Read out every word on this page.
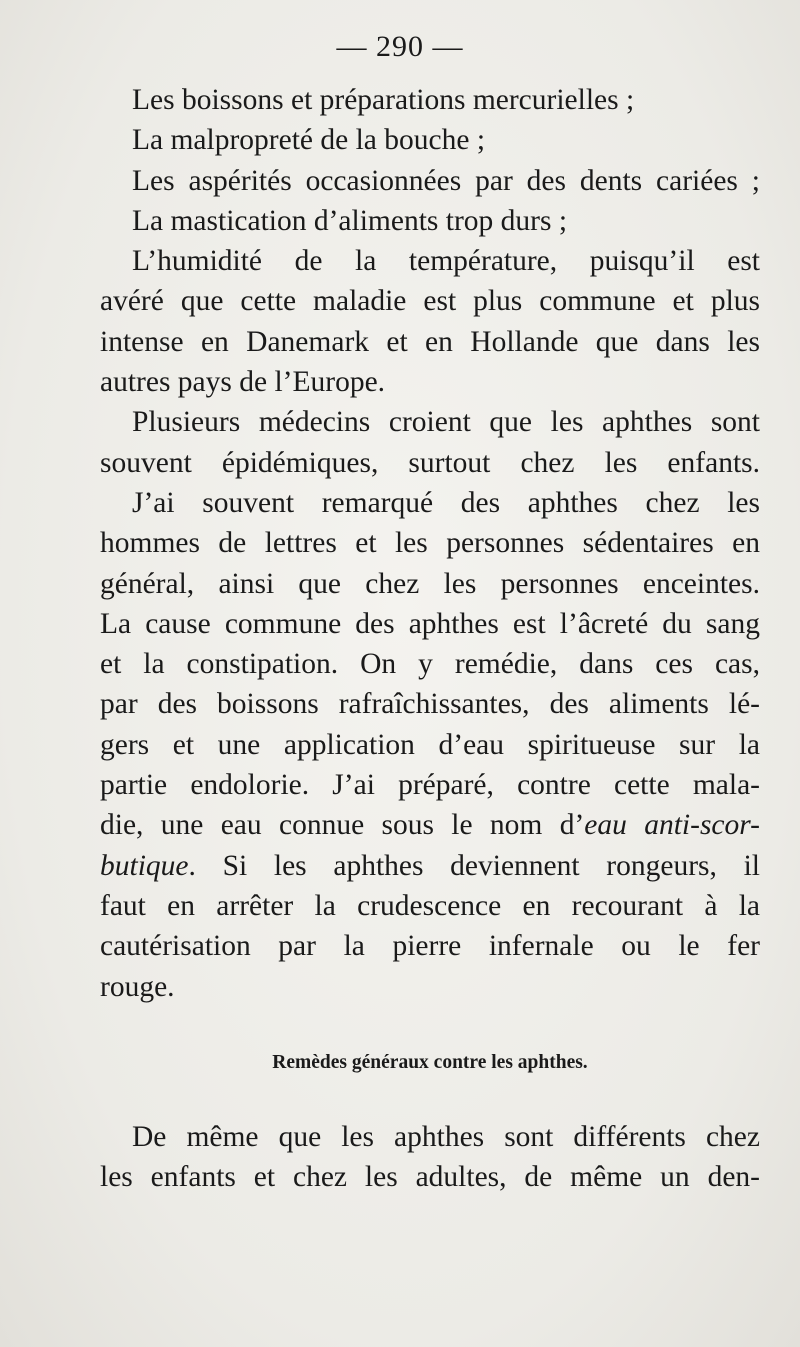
— 290 —
Les boissons et préparations mercurielles ;
La malpropreté de la bouche ;
Les aspérités occasionnées par des dents cariées ;
La mastication d’aliments trop durs ;
L’humidité de la température, puisqu’il est
avéré que cette maladie est plus commune et plus
intense en Danemark et en Hollande que dans les
autres pays de l’Europe.
Plusieurs médecins croient que les aphthes sont
souvent épidémiques, surtout chez les enfants.
J’ai souvent remarqué des aphthes chez les
hommes de lettres et les personnes sédentaires en
général, ainsi que chez les personnes enceintes.
La cause commune des aphthes est l’âcreté du sang
et la constipation. On y remédie, dans ces cas,
par des boissons rafraîchissantes, des aliments lé-
gers et une application d’eau spiritueuse sur la
partie endolorie. J’ai préparé, contre cette mala-
die, une eau connue sous le nom d’eau anti-scor-
butique. Si les aphthes deviennent rongeurs, il
faut en arrêter la crudescence en recourant à la
cautérisation par la pierre infernale ou le fer
rouge.
Remèdes généraux contre les aphthes.
De même que les aphthes sont différents chez
les enfants et chez les adultes, de même un den-
